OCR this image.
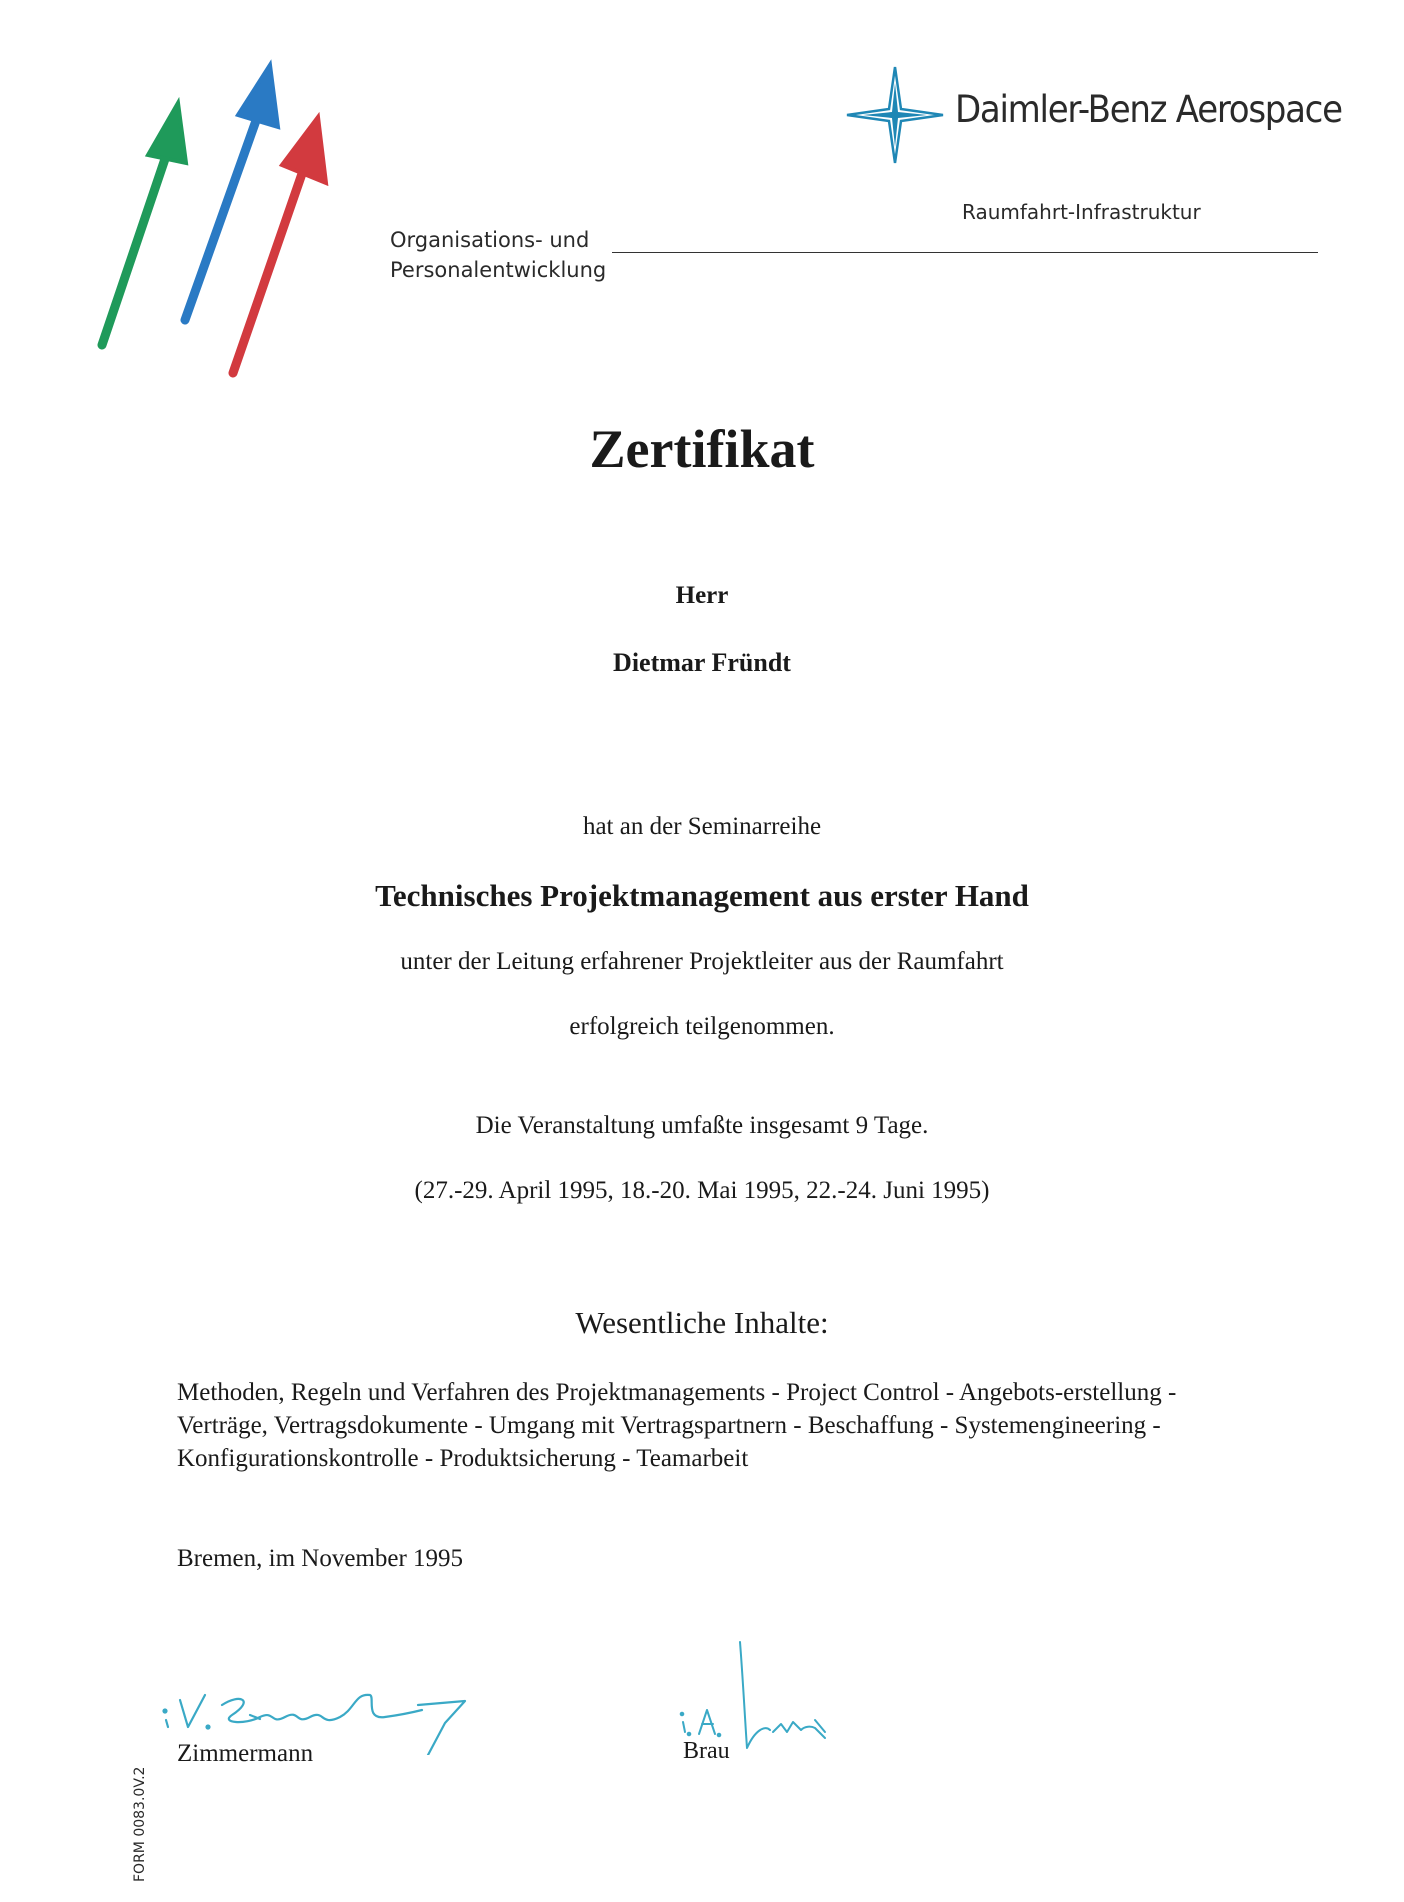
Daimler-Benz Aerospace
Raumfahrt-Infrastruktur
Organisations- und
Personalentwicklung
Zertifikat
Herr
Dietmar Fründt
hat an der Seminarreihe
Technisches Projektmanagement aus erster Hand
unter der Leitung erfahrener Projektleiter aus der Raumfahrt
erfolgreich teilgenommen.
Die Veranstaltung umfaßte insgesamt 9 Tage.
(27.-29. April 1995, 18.-20. Mai 1995, 22.-24. Juni 1995)
Wesentliche Inhalte:
Methoden, Regeln und Verfahren des Projektmanagements - Project Control - Angebots-erstellung - Verträge, Vertragsdokumente - Umgang mit Vertragspartnern - Beschaffung - Systemengineering - Konfigurationskontrolle - Produktsicherung - Teamarbeit
Bremen, im November 1995
Zimmermann	Brau
FORM 0083.0V.2
